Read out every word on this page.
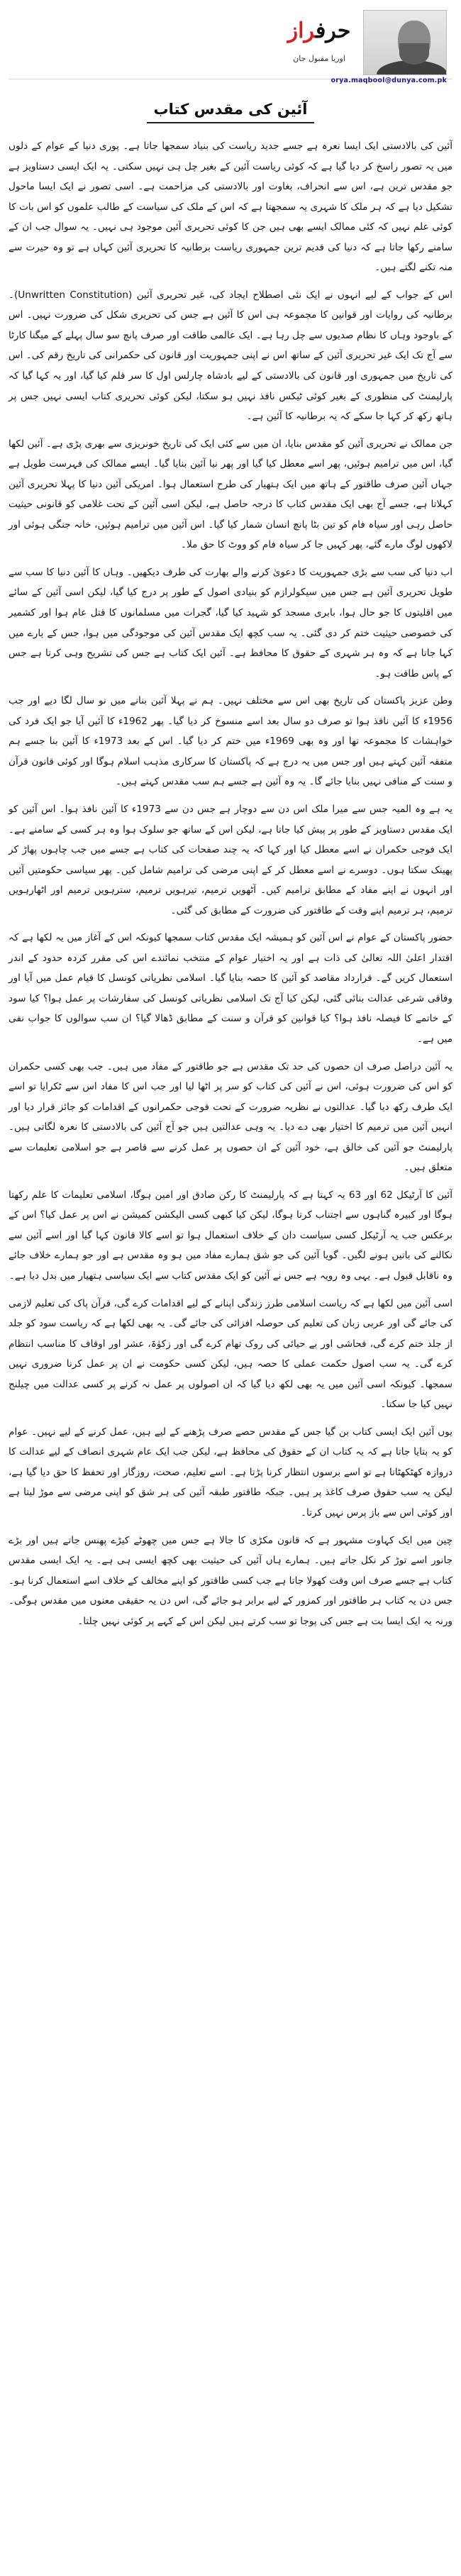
حرفراز
اوریا مقبول جان
orya.maqbool@dunya.com.pk
آئین کی مقدس کتاب

آئین کی بالادستی ایک ایسا نعرہ ہے جسے جدید ریاست کی بنیاد سمجھا جاتا ہے۔ پوری دنیا کے عوام کے دلوں میں یہ تصور راسخ کر دیا گیا ہے کہ کوئی ریاست آئین کے بغیر چل ہی نہیں سکتی۔ یہ ایک ایسی دستاویز ہے جو مقدس ترین ہے، اس سے انحراف، بغاوت اور بالادستی کی مزاحمت ہے۔ اسی تصور نے ایک ایسا ماحول تشکیل دیا ہے کہ ہر ملک کا شہری یہ سمجھتا ہے کہ اس کے ملک کی سیاست کے طالب علموں کو اس بات کا کوئی علم نہیں کہ کئی ممالک ایسے بھی ہیں جن کا کوئی تحریری آئین موجود ہی نہیں۔ یہ سوال جب ان کے سامنے رکھا جاتا ہے کہ دنیا کی قدیم ترین جمہوری ریاست برطانیہ کا تحریری آئین کہاں ہے تو وہ حیرت سے منہ تکنے لگتے ہیں۔

اس کے جواب کے لیے انہوں نے ایک نئی اصطلاح ایجاد کی، غیر تحریری آئین (Unwritten Constitution)۔ برطانیہ کی روایات اور قوانین کا مجموعہ ہی اس کا آئین ہے جس کی تحریری شکل کی ضرورت نہیں۔ اس کے باوجود وہاں کا نظام صدیوں سے چل رہا ہے۔ ایک عالمی طاقت اور صرف پانچ سو سال پہلے کے میگنا کارٹا سے آج تک ایک غیر تحریری آئین کے ساتھ اس نے اپنی جمہوریت اور قانون کی حکمرانی کی تاریخ رقم کی۔ اس کی تاریخ میں جمہوری اور قانون کی بالادستی کے لیے بادشاہ چارلس اول کا سر قلم کیا گیا، اور یہ کہا گیا کہ پارلیمنٹ کی منظوری کے بغیر کوئی ٹیکس نافذ نہیں ہو سکتا، لیکن کوئی تحریری کتاب ایسی نہیں جس پر ہاتھ رکھ کر کہا جا سکے کہ یہ برطانیہ کا آئین ہے۔

جن ممالک نے تحریری آئین کو مقدس بنایا، ان میں سے کئی ایک کی تاریخ خونریزی سے بھری پڑی ہے۔ آئین لکھا گیا، اس میں ترامیم ہوئیں، پھر اسے معطل کیا گیا اور پھر نیا آئین بنایا گیا۔ ایسے ممالک کی فہرست طویل ہے جہاں آئین صرف طاقتور کے ہاتھ میں ایک ہتھیار کی طرح استعمال ہوا۔ امریکی آئین دنیا کا پہلا تحریری آئین کہلاتا ہے، جسے آج بھی ایک مقدس کتاب کا درجہ حاصل ہے، لیکن اسی آئین کے تحت غلامی کو قانونی حیثیت حاصل رہی اور سیاہ فام کو تین بٹا پانچ انسان شمار کیا گیا۔ اس آئین میں ترامیم ہوئیں، خانہ جنگی ہوئی اور لاکھوں لوگ مارے گئے، پھر کہیں جا کر سیاہ فام کو ووٹ کا حق ملا۔

اب دنیا کی سب سے بڑی جمہوریت کا دعویٰ کرنے والے بھارت کی طرف دیکھیں۔ وہاں کا آئین دنیا کا سب سے طویل تحریری آئین ہے جس میں سیکولرازم کو بنیادی اصول کے طور پر درج کیا گیا، لیکن اسی آئین کے سائے میں اقلیتوں کا جو حال ہوا، بابری مسجد کو شہید کیا گیا، گجرات میں مسلمانوں کا قتل عام ہوا اور کشمیر کی خصوصی حیثیت ختم کر دی گئی۔ یہ سب کچھ ایک مقدس آئین کی موجودگی میں ہوا، جس کے بارے میں کہا جاتا ہے کہ وہ ہر شہری کے حقوق کا محافظ ہے۔ آئین ایک کتاب ہے جس کی تشریح وہی کرتا ہے جس کے پاس طاقت ہو۔

وطن عزیز پاکستان کی تاریخ بھی اس سے مختلف نہیں۔ ہم نے پہلا آئین بنانے میں نو سال لگا دیے اور جب 1956ء کا آئین نافذ ہوا تو صرف دو سال بعد اسے منسوخ کر دیا گیا۔ پھر 1962ء کا آئین آیا جو ایک فرد کی خواہشات کا مجموعہ تھا اور وہ بھی 1969ء میں ختم کر دیا گیا۔ اس کے بعد 1973ء کا آئین بنا جسے ہم متفقہ آئین کہتے ہیں اور جس میں یہ درج ہے کہ پاکستان کا سرکاری مذہب اسلام ہوگا اور کوئی قانون قرآن و سنت کے منافی نہیں بنایا جائے گا۔ یہ وہ آئین ہے جسے ہم سب مقدس کہتے ہیں۔

یہ ہے وہ المیہ جس سے میرا ملک اس دن سے دوچار ہے جس دن سے 1973ء کا آئین نافذ ہوا۔ اس آئین کو ایک مقدس دستاویز کے طور پر پیش کیا جاتا ہے، لیکن اس کے ساتھ جو سلوک ہوا وہ ہر کسی کے سامنے ہے۔ ایک فوجی حکمران نے اسے معطل کیا اور کہا کہ یہ چند صفحات کی کتاب ہے جسے میں جب چاہوں پھاڑ کر پھینک سکتا ہوں۔ دوسرے نے اسے معطل کر کے اپنی مرضی کی ترامیم شامل کیں۔ پھر سیاسی حکومتیں آئیں اور انہوں نے اپنے مفاد کے مطابق ترامیم کیں۔ آٹھویں ترمیم، تیرہویں ترمیم، سترہویں ترمیم اور اٹھارہویں ترمیم، ہر ترمیم اپنے وقت کے طاقتور کی ضرورت کے مطابق کی گئی۔

حضور پاکستان کے عوام نے اس آئین کو ہمیشہ ایک مقدس کتاب سمجھا کیونکہ اس کے آغاز میں یہ لکھا ہے کہ اقتدار اعلیٰ اللہ تعالیٰ کی ذات ہے اور یہ اختیار عوام کے منتخب نمائندے اس کی مقرر کردہ حدود کے اندر استعمال کریں گے۔ قرارداد مقاصد کو آئین کا حصہ بنایا گیا۔ اسلامی نظریاتی کونسل کا قیام عمل میں آیا اور وفاقی شرعی عدالت بنائی گئی، لیکن کیا آج تک اسلامی نظریاتی کونسل کی سفارشات پر عمل ہوا؟ کیا سود کے خاتمے کا فیصلہ نافذ ہوا؟ کیا قوانین کو قرآن و سنت کے مطابق ڈھالا گیا؟ ان سب سوالوں کا جواب نفی میں ہے۔

یہ آئین دراصل صرف ان حصوں کی حد تک مقدس ہے جو طاقتور کے مفاد میں ہیں۔ جب بھی کسی حکمران کو اس کی ضرورت ہوئی، اس نے آئین کی کتاب کو سر پر اٹھا لیا اور جب اس کا مفاد اس سے ٹکرایا تو اسے ایک طرف رکھ دیا گیا۔ عدالتوں نے نظریہ ضرورت کے تحت فوجی حکمرانوں کے اقدامات کو جائز قرار دیا اور انہیں آئین میں ترمیم کا اختیار بھی دے دیا۔ یہ وہی عدالتیں ہیں جو آج آئین کی بالادستی کا نعرہ لگاتی ہیں۔ پارلیمنٹ جو آئین کی خالق ہے، خود آئین کے ان حصوں پر عمل کرنے سے قاصر ہے جو اسلامی تعلیمات سے متعلق ہیں۔

آئین کا آرٹیکل 62 اور 63 یہ کہتا ہے کہ پارلیمنٹ کا رکن صادق اور امین ہوگا، اسلامی تعلیمات کا علم رکھتا ہوگا اور کبیرہ گناہوں سے اجتناب کرتا ہوگا، لیکن کیا کبھی کسی الیکشن کمیشن نے اس پر عمل کیا؟ اس کے برعکس جب یہ آرٹیکل کسی سیاست دان کے خلاف استعمال ہوا تو اسے کالا قانون کہا گیا اور اسے آئین سے نکالنے کی باتیں ہونے لگیں۔ گویا آئین کی جو شق ہمارے مفاد میں ہو وہ مقدس ہے اور جو ہمارے خلاف جائے وہ ناقابل قبول ہے۔ یہی وہ رویہ ہے جس نے آئین کو ایک مقدس کتاب سے ایک سیاسی ہتھیار میں بدل دیا ہے۔

اسی آئین میں لکھا ہے کہ ریاست اسلامی طرز زندگی اپنانے کے لیے اقدامات کرے گی، قرآن پاک کی تعلیم لازمی کی جائے گی اور عربی زبان کی تعلیم کی حوصلہ افزائی کی جائے گی۔ یہ بھی لکھا ہے کہ ریاست سود کو جلد از جلد ختم کرے گی، فحاشی اور بے حیائی کی روک تھام کرے گی اور زکوٰۃ، عشر اور اوقاف کا مناسب انتظام کرے گی۔ یہ سب اصول حکمت عملی کا حصہ ہیں، لیکن کسی حکومت نے ان پر عمل کرنا ضروری نہیں سمجھا۔ کیونکہ اسی آئین میں یہ بھی لکھ دیا گیا کہ ان اصولوں پر عمل نہ کرنے پر کسی عدالت میں چیلنج نہیں کیا جا سکتا۔

یوں آئین ایک ایسی کتاب بن گیا جس کے مقدس حصے صرف پڑھنے کے لیے ہیں، عمل کرنے کے لیے نہیں۔ عوام کو یہ بتایا جاتا ہے کہ یہ کتاب ان کے حقوق کی محافظ ہے، لیکن جب ایک عام شہری انصاف کے لیے عدالت کا دروازہ کھٹکھٹاتا ہے تو اسے برسوں انتظار کرنا پڑتا ہے۔ اسے تعلیم، صحت، روزگار اور تحفظ کا حق دیا گیا ہے، لیکن یہ سب حقوق صرف کاغذ پر ہیں۔ جبکہ طاقتور طبقہ آئین کی ہر شق کو اپنی مرضی سے موڑ لیتا ہے اور کوئی اس سے باز پرس نہیں کرتا۔

چین میں ایک کہاوت مشہور ہے کہ قانون مکڑی کا جالا ہے جس میں چھوٹے کیڑے پھنس جاتے ہیں اور بڑے جانور اسے توڑ کر نکل جاتے ہیں۔ ہمارے ہاں آئین کی حیثیت بھی کچھ ایسی ہی ہے۔ یہ ایک ایسی مقدس کتاب ہے جسے صرف اس وقت کھولا جاتا ہے جب کسی طاقتور کو اپنے مخالف کے خلاف اسے استعمال کرنا ہو۔ جس دن یہ کتاب ہر طاقتور اور کمزور کے لیے برابر ہو جائے گی، اس دن یہ حقیقی معنوں میں مقدس ہوگی۔ ورنہ یہ ایک ایسا بت ہے جس کی پوجا تو سب کرتے ہیں لیکن اس کے کہے پر کوئی نہیں چلتا۔
